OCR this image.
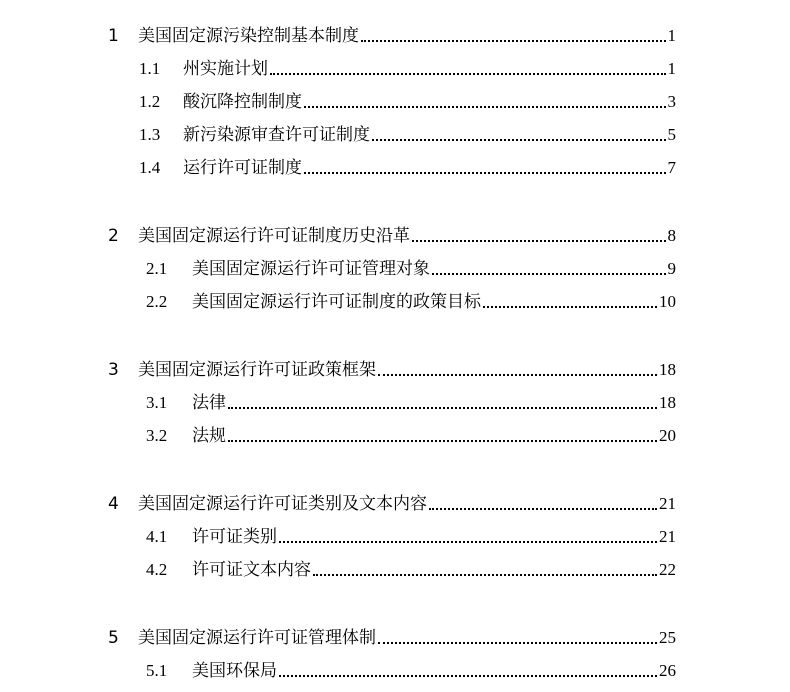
1	美国固定源污染控制基本制度	1
1.1	州实施计划	1
1.2	酸沉降控制制度	3
1.3	新污染源审查许可证制度	5
1.4	运行许可证制度	7
2	美国固定源运行许可证制度历史沿革	8
2.1	美国固定源运行许可证管理对象	9
2.2	美国固定源运行许可证制度的政策目标	10
3	美国固定源运行许可证政策框架	18
3.1	法律	18
3.2	法规	20
4	美国固定源运行许可证类别及文本内容	21
4.1	许可证类别	21
4.2	许可证文本内容	22
5	美国固定源运行许可证管理体制	25
5.1	美国环保局	26
